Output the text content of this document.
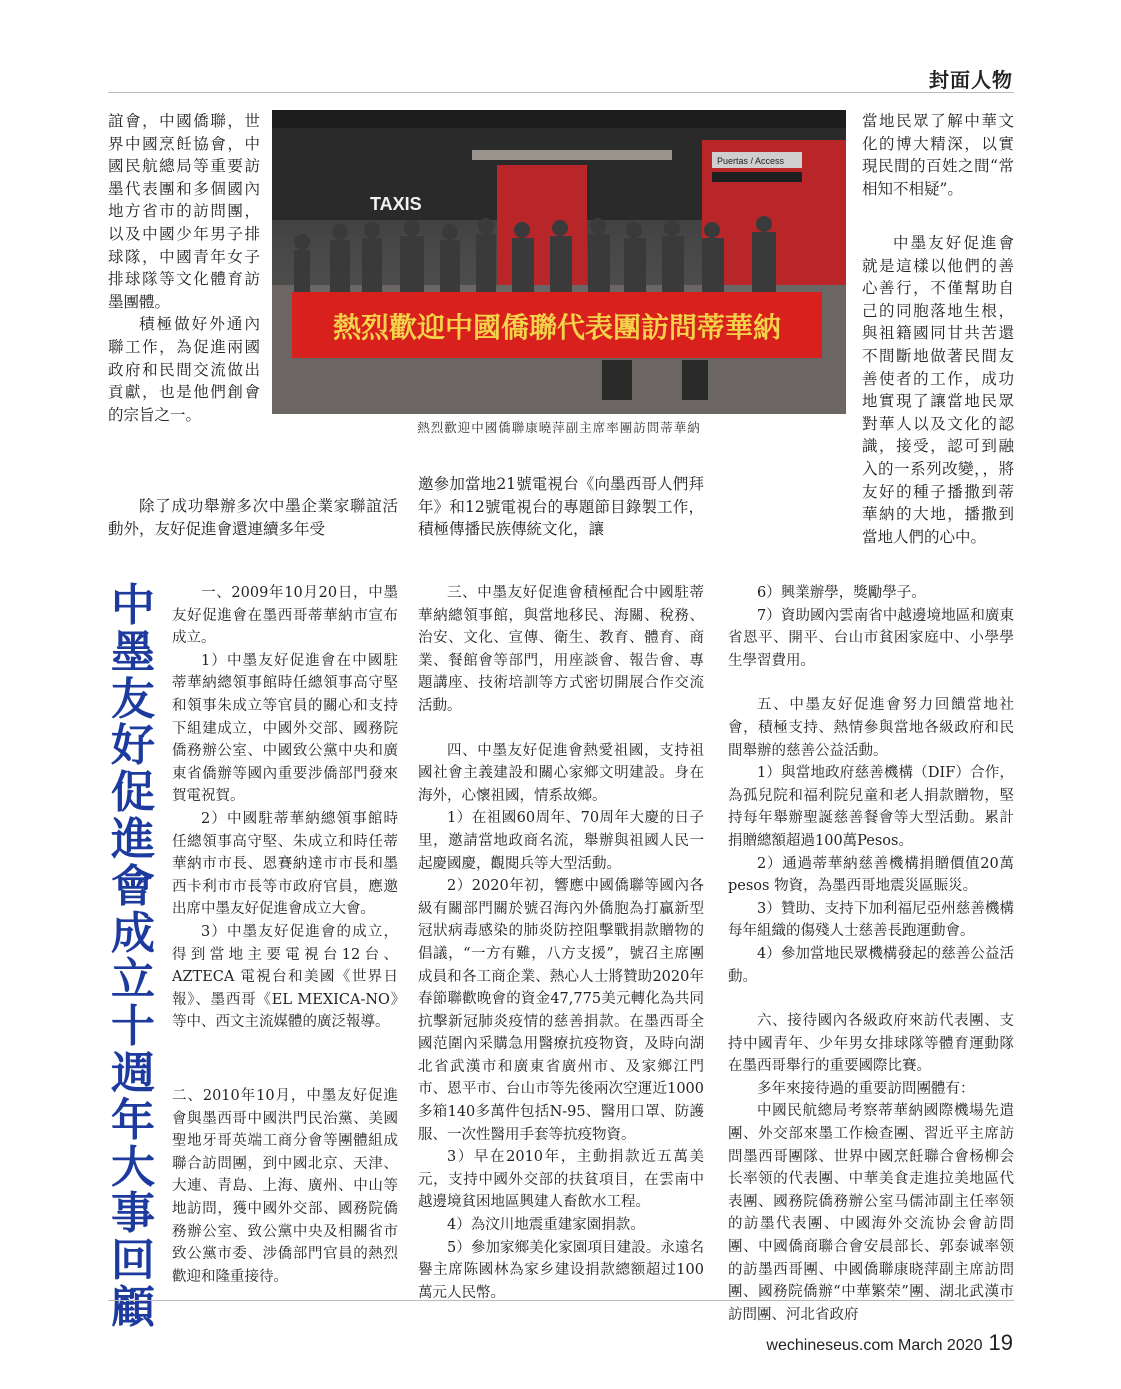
封面人物

誼會，中國僑聯，世界中國烹飪協會，中國民航總局等重要訪墨代表團和多個國內地方省市的訪問團，以及中國少年男子排球隊，中國青年女子排球隊等文化體育訪墨團體。

積極做好外通內聯工作，為促進兩國政府和民間交流做出貢獻，也是他們創會的宗旨之一。

除了成功舉辦多次中墨企業家聯誼活動外，友好促進會還連續多年受

Puertas / Access
TAXIS
熱烈歡迎中國僑聯代表團訪問蒂華納
熱烈歡迎中國僑聯康曉萍副主席率團訪問蒂華納

邀參加當地21號電視台《向墨西哥人們拜年》和12號電視台的專題節目錄製工作，積極傳播民族傳統文化，讓

當地民眾了解中華文化的博大精深，以實現民間的百姓之間“常相知不相疑”。

中墨友好促進會就是這樣以他們的善心善行，不僅幫助自己的同胞落地生根，與祖籍國同甘共苦還不間斷地做著民間友善使者的工作，成功地實現了讓當地民眾對華人以及文化的認識，接受，認可到融入的一系列改變，，將友好的種子播撒到蒂華納的大地，播撒到當地人們的心中。

中
墨
友
好
促
進
會
成
立
十
週
年
大
事
回
顧

一、2009年10月20日，中墨友好促進會在墨西哥蒂華納市宣布成立。

1）中墨友好促進會在中國駐蒂華納總領事館時任總領事高守堅和領事朱成立等官員的關心和支持下組建成立，中國外交部、國務院僑務辦公室、中國致公黨中央和廣東省僑辦等國內重要涉僑部門發來賀電祝賀。

2）中國駐蒂華納總領事館時任總領事高守堅、朱成立和時任蒂華納市市長、恩賽納達市市長和墨西卡利市市長等市政府官員，應邀出席中墨友好促進會成立大會。

3）中墨友好促進會的成立，得到當地主要電視台12台、AZTECA 電視台和美國《世界日報》、墨西哥《EL MEXICA-NO》等中、西文主流媒體的廣泛報導。

二、2010年10月，中墨友好促進會與墨西哥中國洪門民治黨、美國聖地牙哥英端工商分會等團體組成聯合訪問團，到中國北京、天津、大連、青島、上海、廣州、中山等地訪問，獲中國外交部、國務院僑務辦公室、致公黨中央及相關省市致公黨市委、涉僑部門官員的熱烈歡迎和隆重接待。

三、中墨友好促進會積極配合中國駐蒂華納總領事館，與當地移民、海關、稅務、治安、文化、宣傳、衛生、教育、體育、商業、餐館會等部門，用座談會、報告會、專題講座、技術培訓等方式密切開展合作交流活動。

四、中墨友好促進會熱愛祖國，支持祖國社會主義建設和關心家鄉文明建設。身在海外，心懷祖國，情系故鄉。

1）在祖國60周年、70周年大慶的日子里，邀請當地政商名流，舉辦與祖國人民一起慶國慶，觀閱兵等大型活動。

2）2020年初，響應中國僑聯等國內各級有關部門關於號召海內外僑胞為打贏新型冠狀病毒感染的肺炎防控阻擊戰捐款贈物的倡議，“一方有難，八方支援”，號召主席團成員和各工商企業、熱心人士將贊助2020年春節聯歡晚會的資金47,775美元轉化為共同抗擊新冠肺炎疫情的慈善捐款。在墨西哥全國范圍內采購急用醫療抗疫物資，及時向湖北省武漢市和廣東省廣州市、及家鄉江門市、恩平市、台山市等先後兩次空運近1000多箱140多萬件包括N-95、醫用口罩、防護服、一次性醫用手套等抗疫物資。

3）早在2010年，主動捐款近五萬美元，支持中國外交部的扶貧項目，在雲南中越邊境貧困地區興建人畜飲水工程。

4）為汶川地震重建家園捐款。

5）參加家鄉美化家園項目建設。永遠名譽主席陈國林為家乡建设捐款總额超过100萬元人民幣。

6）興業辦學，獎勵學子。

7）資助國內雲南省中越邊境地區和廣東省恩平、開平、台山市貧困家庭中、小學學生學習費用。

五、中墨友好促進會努力回饋當地社會，積極支持、熱情參與當地各級政府和民間舉辦的慈善公益活動。

1）與當地政府慈善機構（DIF）合作，為孤兒院和福利院兒童和老人捐款贈物，堅持每年舉辦聖誕慈善餐會等大型活動。累計捐贈總額超過100萬Pesos。

2）通過蒂華納慈善機構捐贈價值20萬pesos 物資，為墨西哥地震災區賑災。

3）贊助、支持下加利福尼亞州慈善機構每年組織的傷殘人士慈善長跑運動會。

4）參加當地民眾機構發起的慈善公益活動。

六、接待國內各級政府來訪代表團、支持中國青年、少年男女排球隊等體育運動隊在墨西哥舉行的重要國際比賽。

多年來接待過的重要訪問團體有：

中國民航總局考察蒂華納國際機場先遣團、外交部來墨工作檢查團、習近平主席訪問墨西哥團隊、世界中國烹飪聯合會杨柳会长率领的代表團、中華美食走進拉美地區代表團、國務院僑務辦公室马儒沛副主任率领的訪墨代表團、中國海外交流协会會訪問團、中國僑商聯合會安晨部长、郭泰诚率领的訪墨西哥團、中國僑聯康晓萍副主席訪問團、國務院僑辦“中華繁荣”團、湖北武漢市訪問團、河北省政府

wechineseus.com March 2020 19
